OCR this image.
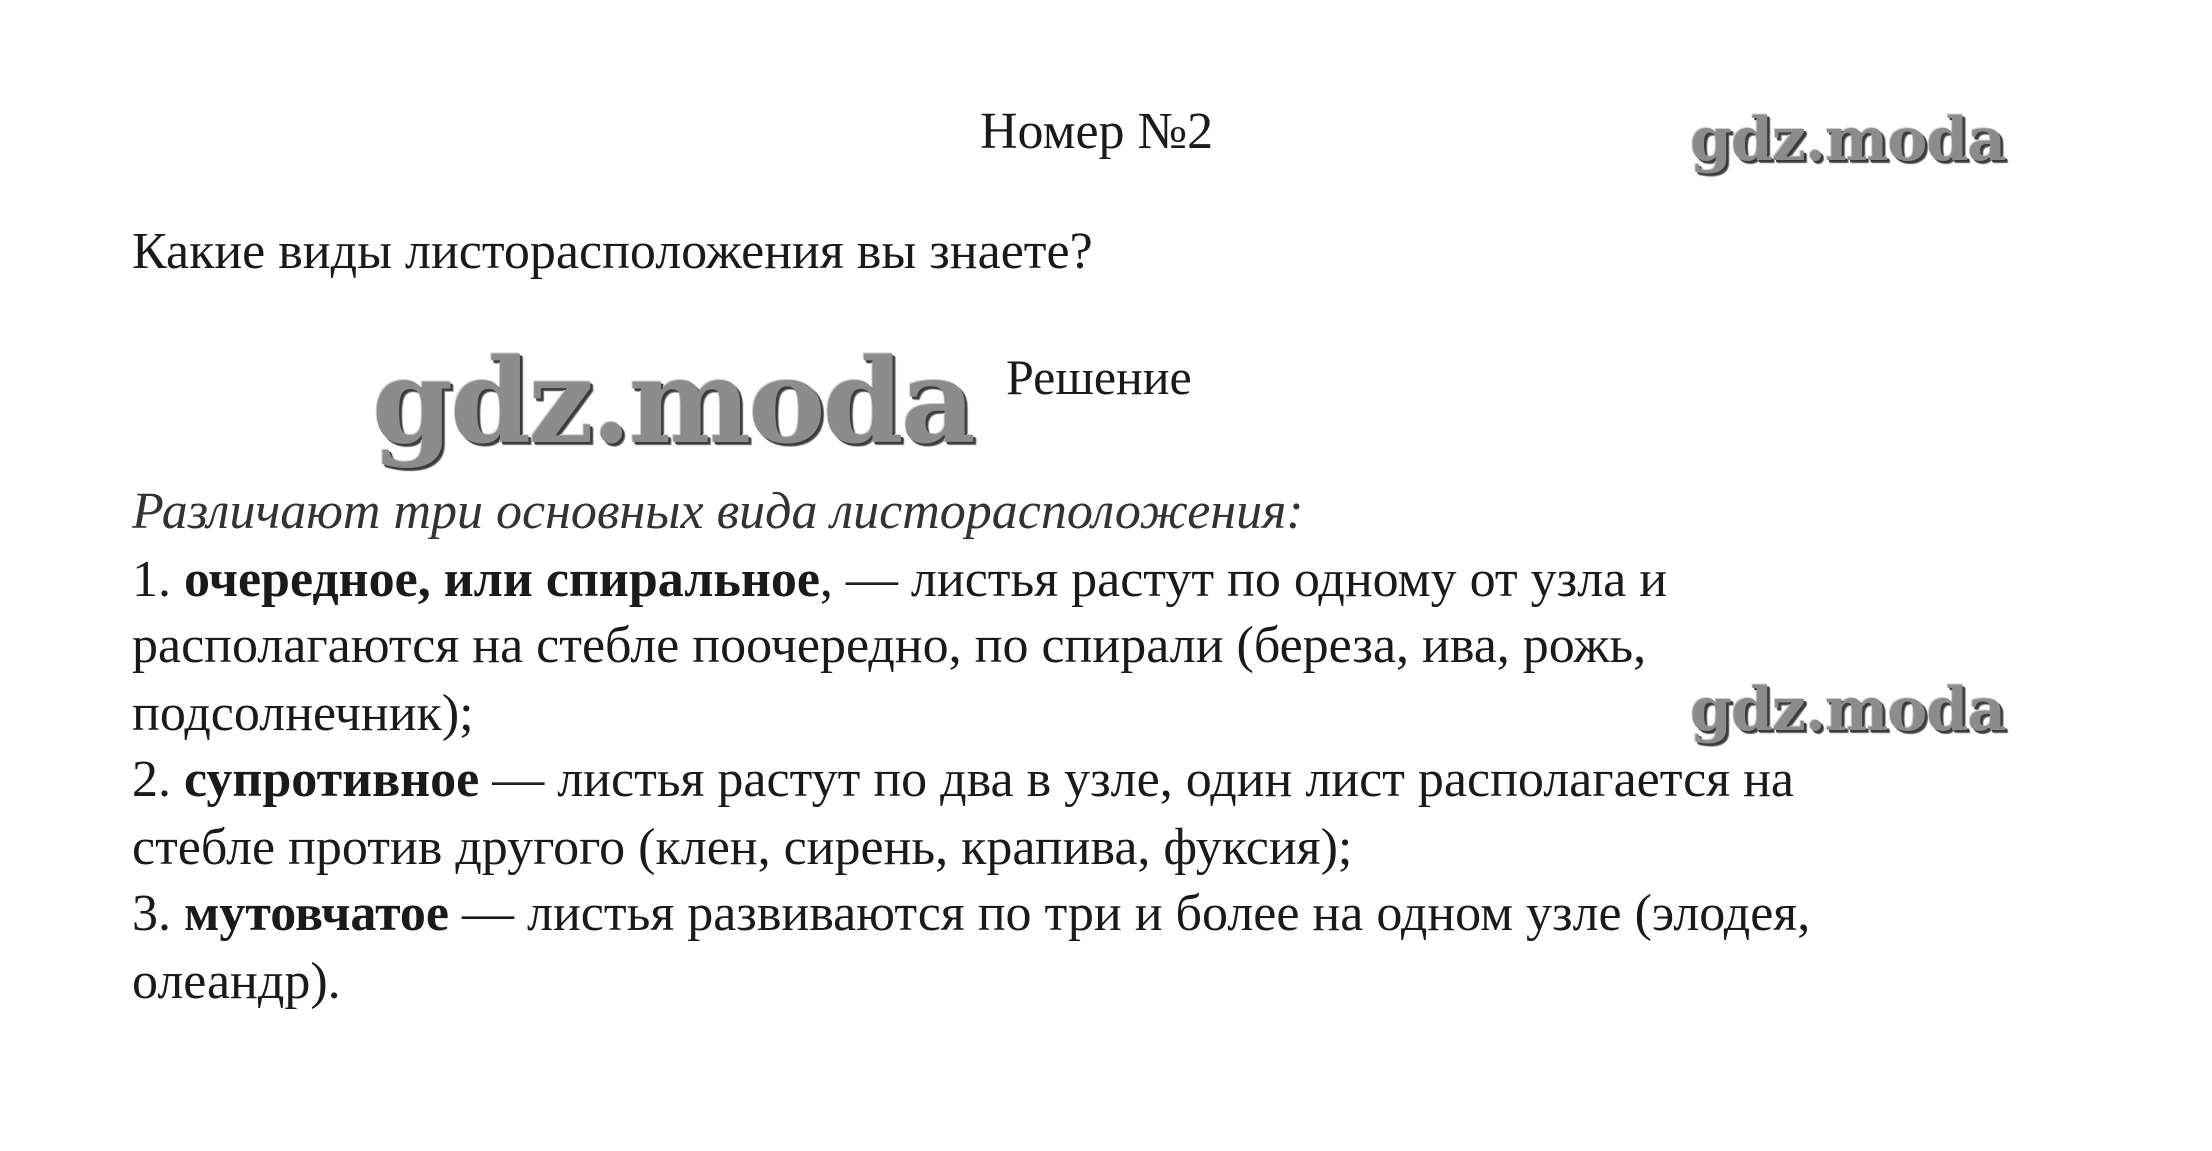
Номер №2	gdz.moda
Какие виды листорасположения вы знаете?
gdz.moda Решение
Различают три основных вида листорасположения:
1. очередное, или спиральное, — листья растут по одному от узла и
располагаются на стебле поочередно, по спирали (береза, ива, рожь,
подсолнечник);	gdz.moda
2. супротивное — листья растут по два в узле, один лист располагается на
стебле против другого (клен, сирень, крапива, фуксия);
3. мутовчатое — листья развиваются по три и более на одном узле (элодея,
олеандр).
